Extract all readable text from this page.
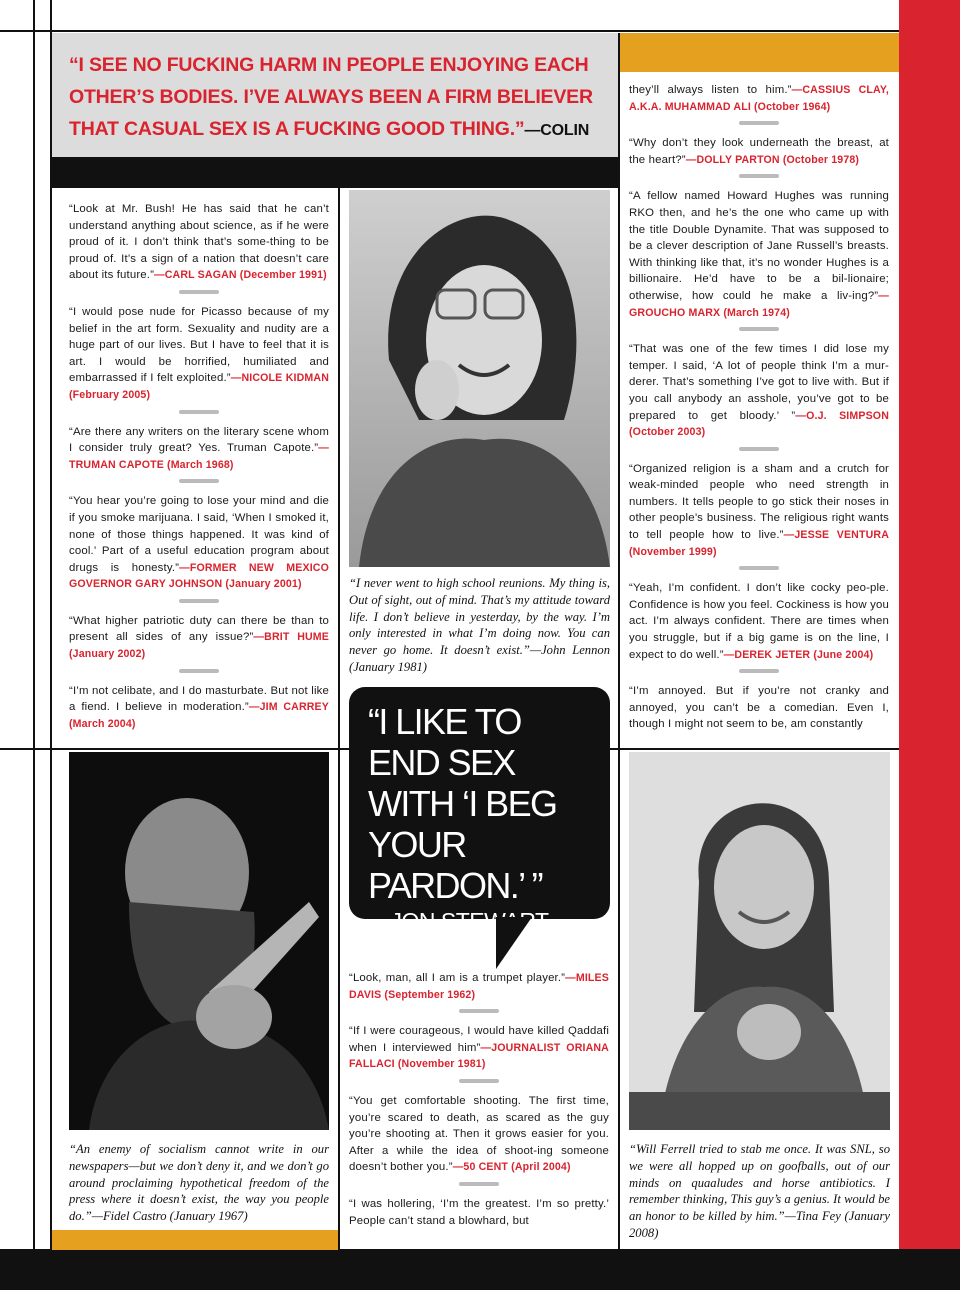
“I SEE NO FUCKING HARM IN PEOPLE ENJOYING EACH OTHER’S BODIES. I’VE ALWAYS BEEN A FIRM BELIEVER THAT CASUAL SEX IS A FUCKING GOOD THING.”—COLIN

“Look at Mr. Bush! He has said that he can’t understand anything about science, as if he were proud of it. I don’t think that’s some-thing to be proud of. It’s a sign of a nation that doesn’t care about its future.”—CARL SAGAN (December 1991)

“I would pose nude for Picasso because of my belief in the art form. Sexuality and nudity are a huge part of our lives. But I have to feel that it is art. I would be horrified, humiliated and embarrassed if I felt exploited.”—NICOLE KIDMAN (February 2005)

“Are there any writers on the literary scene whom I consider truly great? Yes. Truman Capote.”—TRUMAN CAPOTE (March 1968)

“You hear you’re going to lose your mind and die if you smoke marijuana. I said, ‘When I smoked it, none of those things happened. It was kind of cool.’ Part of a useful education program about drugs is honesty.”—FORMER NEW MEXICO GOVERNOR GARY JOHNSON (January 2001)

“What higher patriotic duty can there be than to present all sides of any issue?”—BRIT HUME (January 2002)

“I’m not celibate, and I do masturbate. But not like a fiend. I believe in moderation.”—JIM CARREY (March 2004)

they’ll always listen to him.”—CASSIUS CLAY, A.K.A. MUHAMMAD ALI (October 1964)

“Why don’t they look underneath the breast, at the heart?”—DOLLY PARTON (October 1978)

“A fellow named Howard Hughes was running RKO then, and he’s the one who came up with the title Double Dynamite. That was supposed to be a clever description of Jane Russell’s breasts. With thinking like that, it’s no wonder Hughes is a billionaire. He’d have to be a bil-lionaire; otherwise, how could he make a liv-ing?”—GROUCHO MARX (March 1974)

“That was one of the few times I did lose my temper. I said, ‘A lot of people think I’m a mur-derer. That’s something I’ve got to live with. But if you call anybody an asshole, you’ve got to be prepared to get bloody.’ ”—O.J. SIMPSON (October 2003)

“Organized religion is a sham and a crutch for weak-minded people who need strength in numbers. It tells people to go stick their noses in other people’s business. The religious right wants to tell people how to live.”—JESSE VENTURA (November 1999)

“Yeah, I’m confident. I don’t like cocky peo-ple. Confidence is how you feel. Cockiness is how you act. I’m always confident. There are times when you struggle, but if a big game is on the line, I expect to do well.”—DEREK JETER (June 2004)

“I’m annoyed. But if you’re not cranky and annoyed, you can’t be a comedian. Even I, though I might not seem to be, am constantly

“Look, man, all I am is a trumpet player.”—MILES DAVIS (September 1962)

“If I were courageous, I would have killed Qaddafi when I interviewed him”—JOURNALIST ORIANA FALLACI (November 1981)

“You get comfortable shooting. The first time, you’re scared to death, as scared as the guy you’re shooting at. Then it grows easier for you. After a while the idea of shoot-ing someone doesn’t bother you.”—50 CENT (April 2004)

“I was hollering, ‘I’m the greatest. I’m so pretty.’ People can’t stand a blowhard, but

“I never went to high school reunions. My thing is, Out of sight, out of mind. That’s my attitude toward life. I don’t believe in yesterday, by the way. I’m only interested in what I’m doing now. You can never go home. It doesn’t exist.”—John Lennon (January 1981)
“I LIKE TO END SEX WITH ‘I BEG YOUR PARDON.’ ”
—JON STEWART
(March 2000)
“An enemy of socialism cannot write in our newspapers—but we don’t deny it, and we don’t go around proclaiming hypothetical freedom of the press where it doesn’t exist, the way you people do.”—Fidel Castro (January 1967)
“Will Ferrell tried to stab me once. It was SNL, so we were all hopped up on goofballs, out of our minds on quaaludes and horse antibiotics. I remember thinking, This guy’s a genius. It would be an honor to be killed by him.”—Tina Fey (January 2008)
